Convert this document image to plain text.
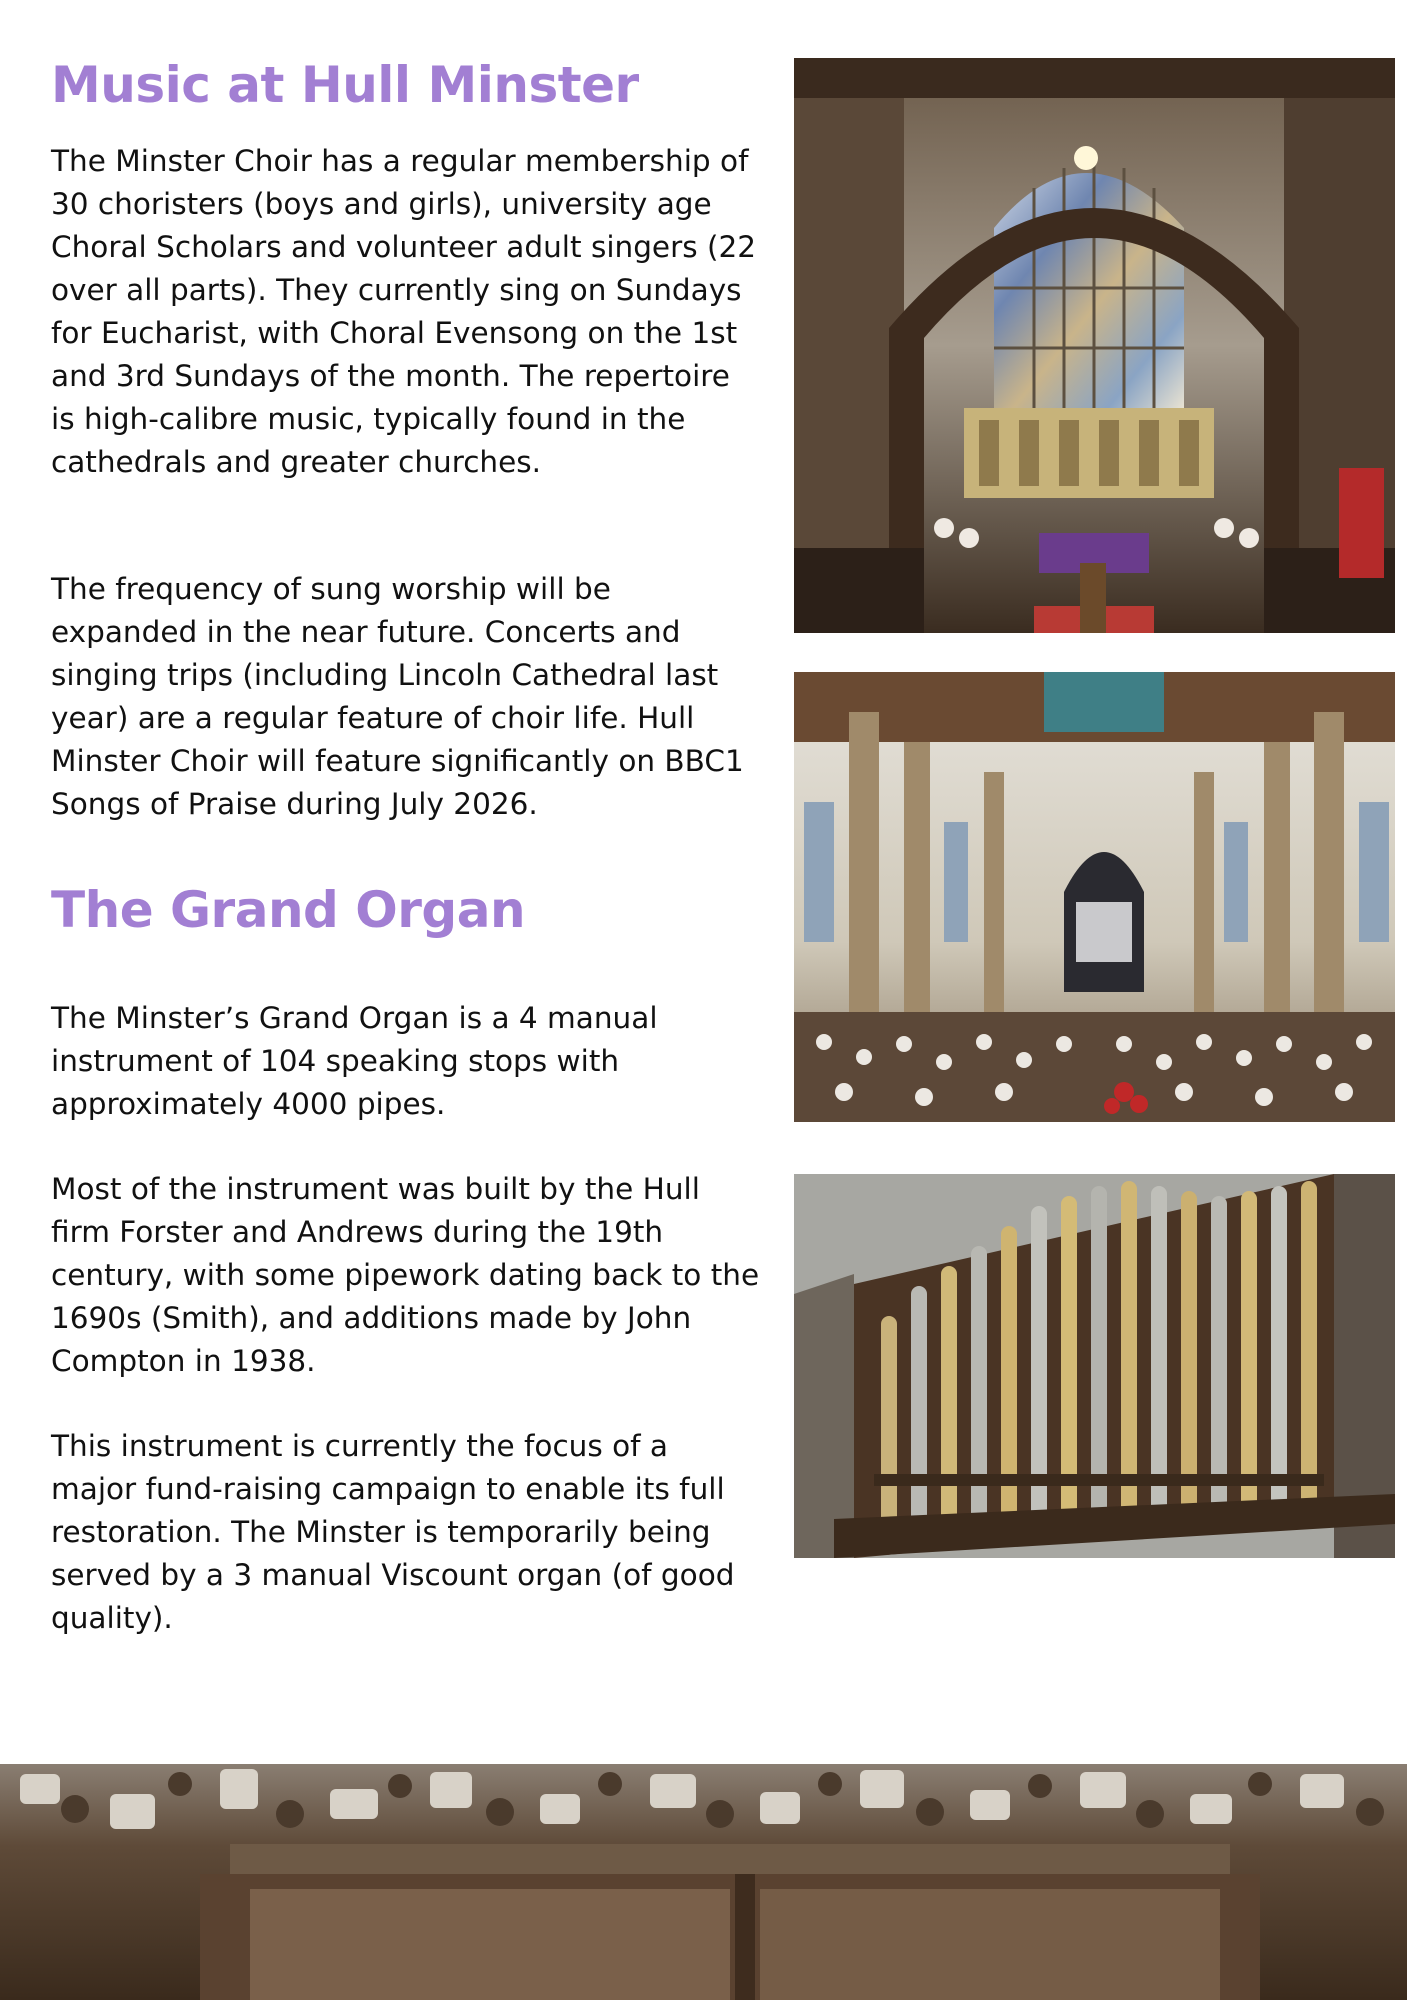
Music at Hull Minster

The Minster Choir has a regular membership of 30 choristers (boys and girls), university age Choral Scholars and volunteer adult singers (22 over all parts). They currently sing on Sundays for Eucharist, with Choral Evensong on the 1st and 3rd Sundays of the month. The repertoire is high-calibre music, typically found in the cathedrals and greater churches.

The frequency of sung worship will be expanded in the near future. Concerts and singing trips (including Lincoln Cathedral last year) are a regular feature of choir life. Hull Minster Choir will feature significantly on BBC1 Songs of Praise during July 2026.

The Grand Organ

The Minster’s Grand Organ is a 4 manual instrument of 104 speaking stops with approximately 4000 pipes.

Most of the instrument was built by the Hull firm Forster and Andrews during the 19th century, with some pipework dating back to the 1690s (Smith), and additions made by John Compton in 1938.

This instrument is currently the focus of a major fund-raising campaign to enable its full restoration. The Minster is temporarily being served by a 3 manual Viscount organ (of good quality).
